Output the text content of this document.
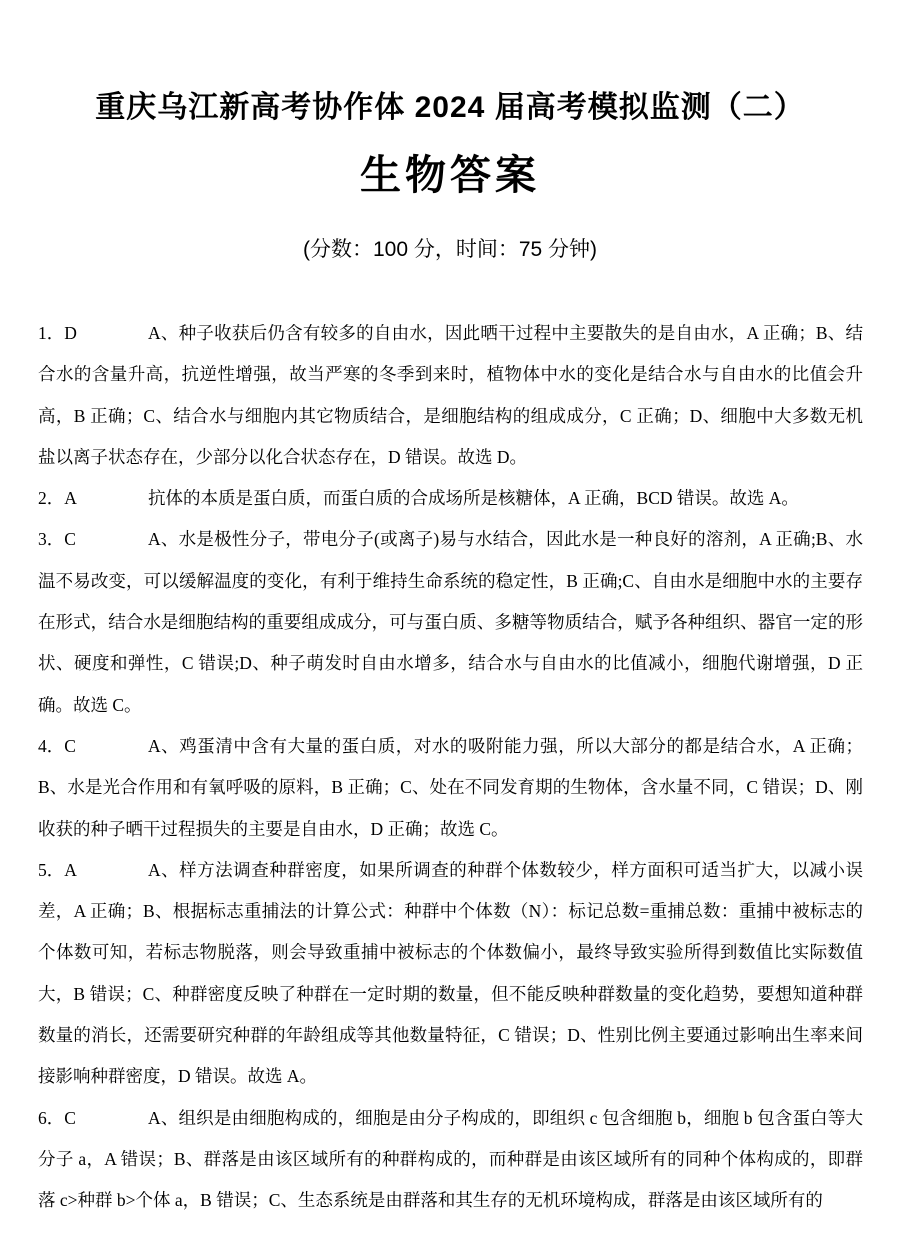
重庆乌江新高考协作体 2024 届高考模拟监测（二）
生物答案
(分数：100 分，时间：75 分钟)

1．D	A、种子收获后仍含有较多的自由水，因此晒干过程中主要散失的是自由水，A 正确；B、结合水的含量升高，抗逆性增强，故当严寒的冬季到来时，植物体中水的变化是结合水与自由水的比值会升高，B 正确；C、结合水与细胞内其它物质结合，是细胞结构的组成成分，C 正确；D、细胞中大多数无机盐以离子状态存在，少部分以化合状态存在，D 错误。故选 D。

2．A	抗体的本质是蛋白质，而蛋白质的合成场所是核糖体，A 正确，BCD 错误。故选 A。

3．C	A、水是极性分子，带电分子(或离子)易与水结合，因此水是一种良好的溶剂，A 正确;B、水温不易改变，可以缓解温度的变化，有利于维持生命系统的稳定性，B 正确;C、自由水是细胞中水的主要存在形式，结合水是细胞结构的重要组成成分，可与蛋白质、多糖等物质结合，赋予各种组织、器官一定的形状、硬度和弹性，C 错误;D、种子萌发时自由水增多，结合水与自由水的比值减小，细胞代谢增强，D 正确。故选 C。

4．C	A、鸡蛋清中含有大量的蛋白质，对水的吸附能力强，所以大部分的都是结合水，A 正确；B、水是光合作用和有氧呼吸的原料，B 正确；C、处在不同发育期的生物体，含水量不同，C 错误；D、刚收获的种子晒干过程损失的主要是自由水，D 正确；故选 C。

5．A	A、样方法调查种群密度，如果所调查的种群个体数较少，样方面积可适当扩大，以减小误差，A 正确；B、根据标志重捕法的计算公式：种群中个体数（N）：标记总数=重捕总数：重捕中被标志的个体数可知，若标志物脱落，则会导致重捕中被标志的个体数偏小，最终导致实验所得到数值比实际数值大，B 错误；C、种群密度反映了种群在一定时期的数量，但不能反映种群数量的变化趋势，要想知道种群数量的消长，还需要研究种群的年龄组成等其他数量特征，C 错误；D、性别比例主要通过影响出生率来间接影响种群密度，D 错误。故选 A。

6．C	A、组织是由细胞构成的，细胞是由分子构成的，即组织 c 包含细胞 b，细胞 b 包含蛋白等大分子 a，A 错误；B、群落是由该区域所有的种群构成的，而种群是由该区域所有的同种个体构成的，即群落 c>种群 b>个体 a，B 错误；C、生态系统是由群落和其生存的无机环境构成，群落是由该区域所有的
